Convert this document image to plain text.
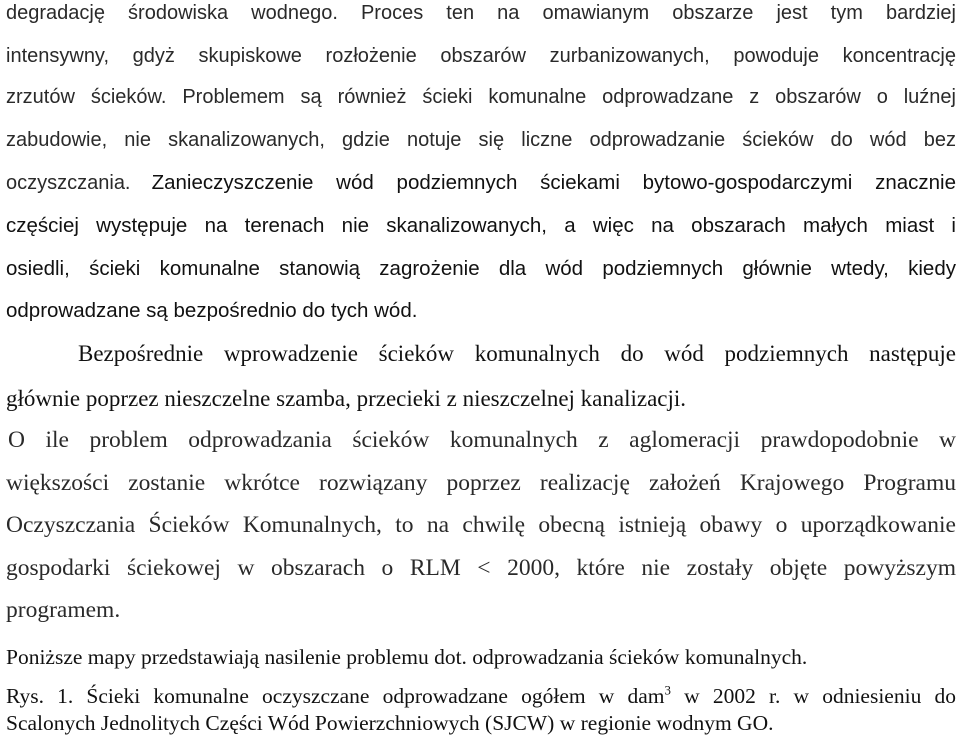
degradację środowiska wodnego. Proces ten na omawianym obszarze jest tym bardziej
intensywny, gdyż skupiskowe rozłożenie obszarów zurbanizowanych, powoduje koncentrację
zrzutów ścieków. Problemem są również ścieki komunalne odprowadzane z obszarów o luźnej
zabudowie, nie skanalizowanych, gdzie notuje się liczne odprowadzanie ścieków do wód bez
oczyszczania. Zanieczyszczenie wód podziemnych ściekami bytowo-gospodarczymi znacznie
częściej występuje na terenach nie skanalizowanych, a więc na obszarach małych miast i
osiedli, ścieki komunalne stanowią zagrożenie dla wód podziemnych głównie wtedy, kiedy
odprowadzane są bezpośrednio do tych wód.
Bezpośrednie wprowadzenie ścieków komunalnych do wód podziemnych następuje
głównie poprzez nieszczelne szamba, przecieki z nieszczelnej kanalizacji.
O ile problem odprowadzania ścieków komunalnych z aglomeracji prawdopodobnie w
większości zostanie wkrótce rozwiązany poprzez realizację założeń Krajowego Programu
Oczyszczania Ścieków Komunalnych, to na chwilę obecną istnieją obawy o uporządkowanie
gospodarki ściekowej w obszarach o RLM < 2000, które nie zostały objęte powyższym
programem.
Poniższe mapy przedstawiają nasilenie problemu dot. odprowadzania ścieków komunalnych.
Rys. 1. Ścieki komunalne oczyszczane odprowadzane ogółem w dam$^3$ w 2002 r. w odniesieniu do
Scalonych Jednolitych Części Wód Powierzchniowych (SJCW) w regionie wodnym GO.
